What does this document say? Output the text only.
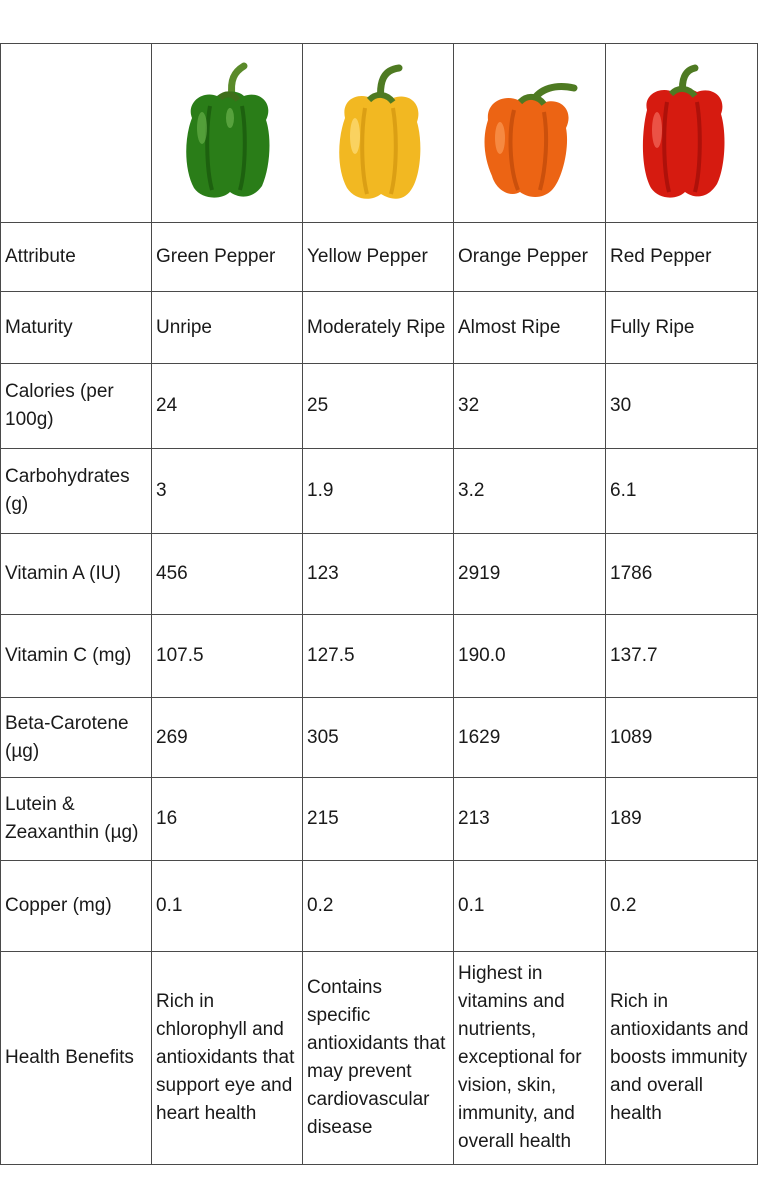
Attribute	Green Pepper	Yellow Pepper	Orange Pepper	Red Pepper
Maturity	Unripe	Moderately Ripe	Almost Ripe	Fully Ripe
Calories (per 100g)	24	25	32	30
Carbohydrates (g)	3	1.9	3.2	6.1
Vitamin A (IU)	456	123	2919	1786
Vitamin C (mg)	107.5	127.5	190.0	137.7
Beta-Carotene (µg)	269	305	1629	1089
Lutein & Zeaxanthin (µg)	16	215	213	189
Copper (mg)	0.1	0.2	0.1	0.2
Health Benefits	Rich in chlorophyll and antioxidants that support eye and heart health	Contains specific antioxidants that may prevent cardiovascular disease	Highest in vitamins and nutrients, exceptional for vision, skin, immunity, and overall health	Rich in antioxidants and boosts immunity and overall health
